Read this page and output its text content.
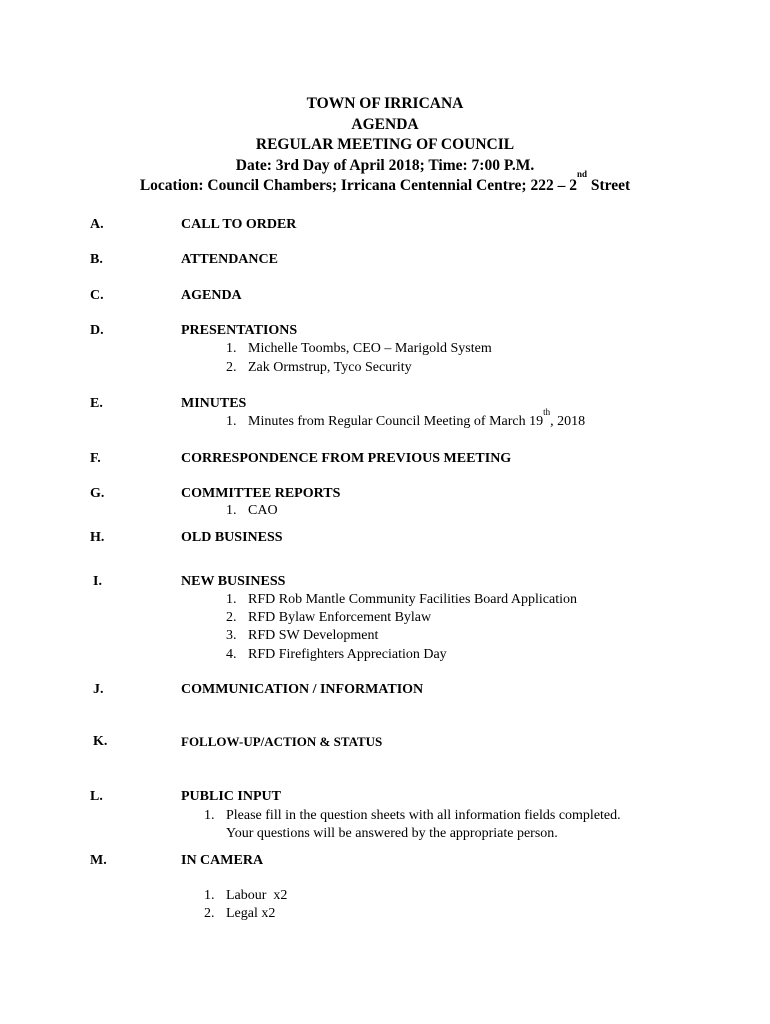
TOWN OF IRRICANA
AGENDA
REGULAR MEETING OF COUNCIL
Date: 3rd Day of April 2018; Time: 7:00 P.M.
Location: Council Chambers; Irricana Centennial Centre; 222 – 2nd Street
A.	CALL TO ORDER
B.	ATTENDANCE
C.	AGENDA
D.	PRESENTATIONS
1. Michelle Toombs, CEO – Marigold System
2. Zak Ormstrup, Tyco Security
E.	MINUTES
1. Minutes from Regular Council Meeting of March 19th, 2018
F.	CORRESPONDENCE FROM PREVIOUS MEETING
G.	COMMITTEE REPORTS
1. CAO
H.	OLD BUSINESS
I.	NEW BUSINESS
1. RFD Rob Mantle Community Facilities Board Application
2. RFD Bylaw Enforcement Bylaw
3. RFD SW Development
4. RFD Firefighters Appreciation Day
J.	COMMUNICATION / INFORMATION
K.	FOLLOW-UP/ACTION & STATUS
L.	PUBLIC INPUT
1. Please fill in the question sheets with all information fields completed.
Your questions will be answered by the appropriate person.
M.	IN CAMERA
1. Labour  x2
2. Legal x2
